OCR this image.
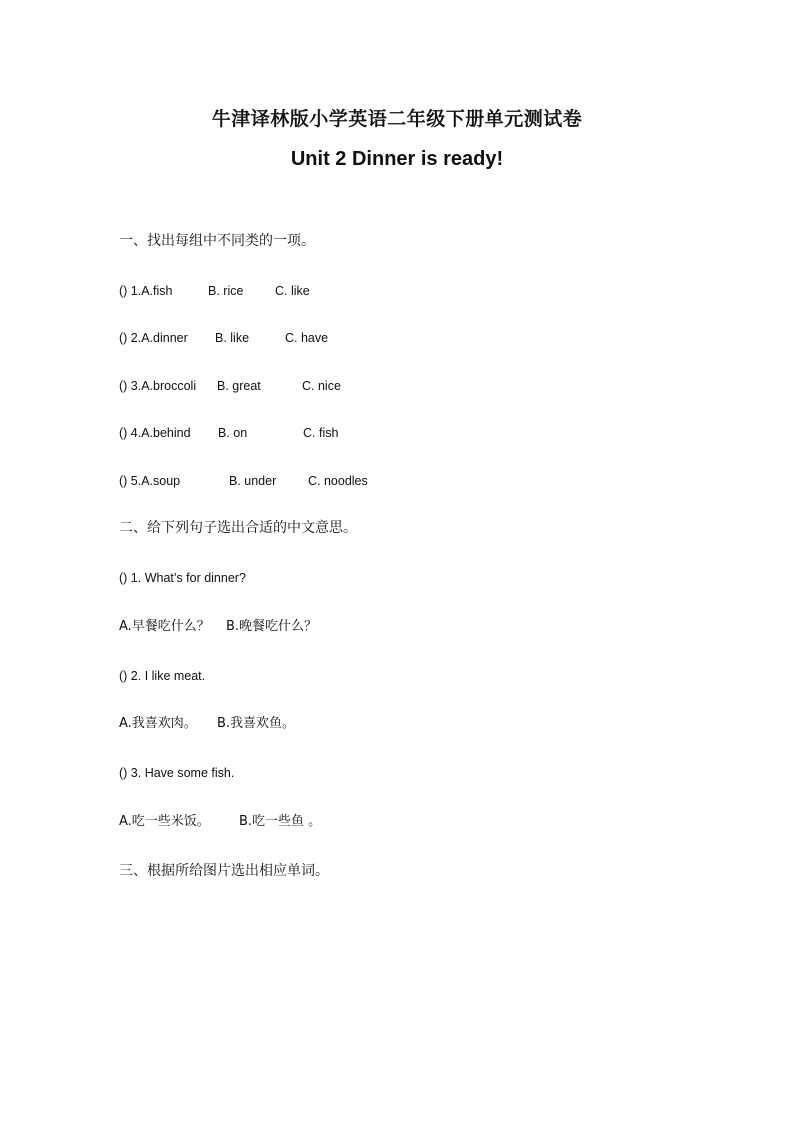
牛津译林版小学英语二年级下册单元测试卷
Unit 2 Dinner is ready!

一、找出每组中不同类的一项。

() 1.A.fish	B. rice	C. like
() 2.A.dinner B. like	C. have
() 3.A.broccoli B. great	C. nice
() 4.A.behind B. on	C. fish
() 5.A.soup	B. under	C. noodles

二、给下列句子选出合适的中文意思。

() 1. What’s for dinner?
A.早餐吃什么？ B.晚餐吃什么？
() 2. I like meat.
A.我喜欢肉。 B.我喜欢鱼。
() 3. Have some fish.
A.吃一些米饭。 B.吃一些鱼 。

三、根据所给图片选出相应单词。
